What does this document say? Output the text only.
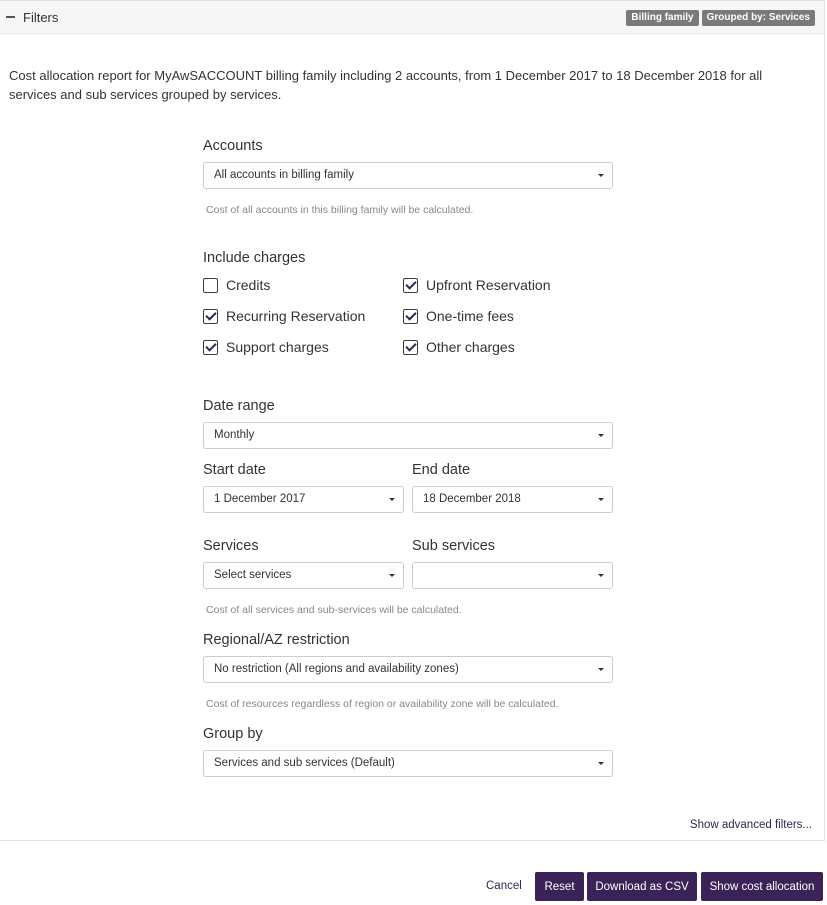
Filters	Billing family	Grouped by: Services
Cost allocation report for MyAwSACCOUNT billing family including 2 accounts, from 1 December 2017 to 18 December 2018 for all services and sub services grouped by services.
Accounts
All accounts in billing family
Cost of all accounts in this billing family will be calculated.
Include charges
Credits	Upfront Reservation
Recurring Reservation	One-time fees
Support charges	Other charges
Date range
Monthly
Start date
1 December 2017
End date
18 December 2018
Services
Select services
Sub services
Cost of all services and sub-services will be calculated.
Regional/AZ restriction
No restriction (All regions and availability zones)
Cost of resources regardless of region or availability zone will be calculated.
Group by
Services and sub services (Default)
Show advanced filters...
Cancel	Reset	Download as CSV	Show cost allocation
